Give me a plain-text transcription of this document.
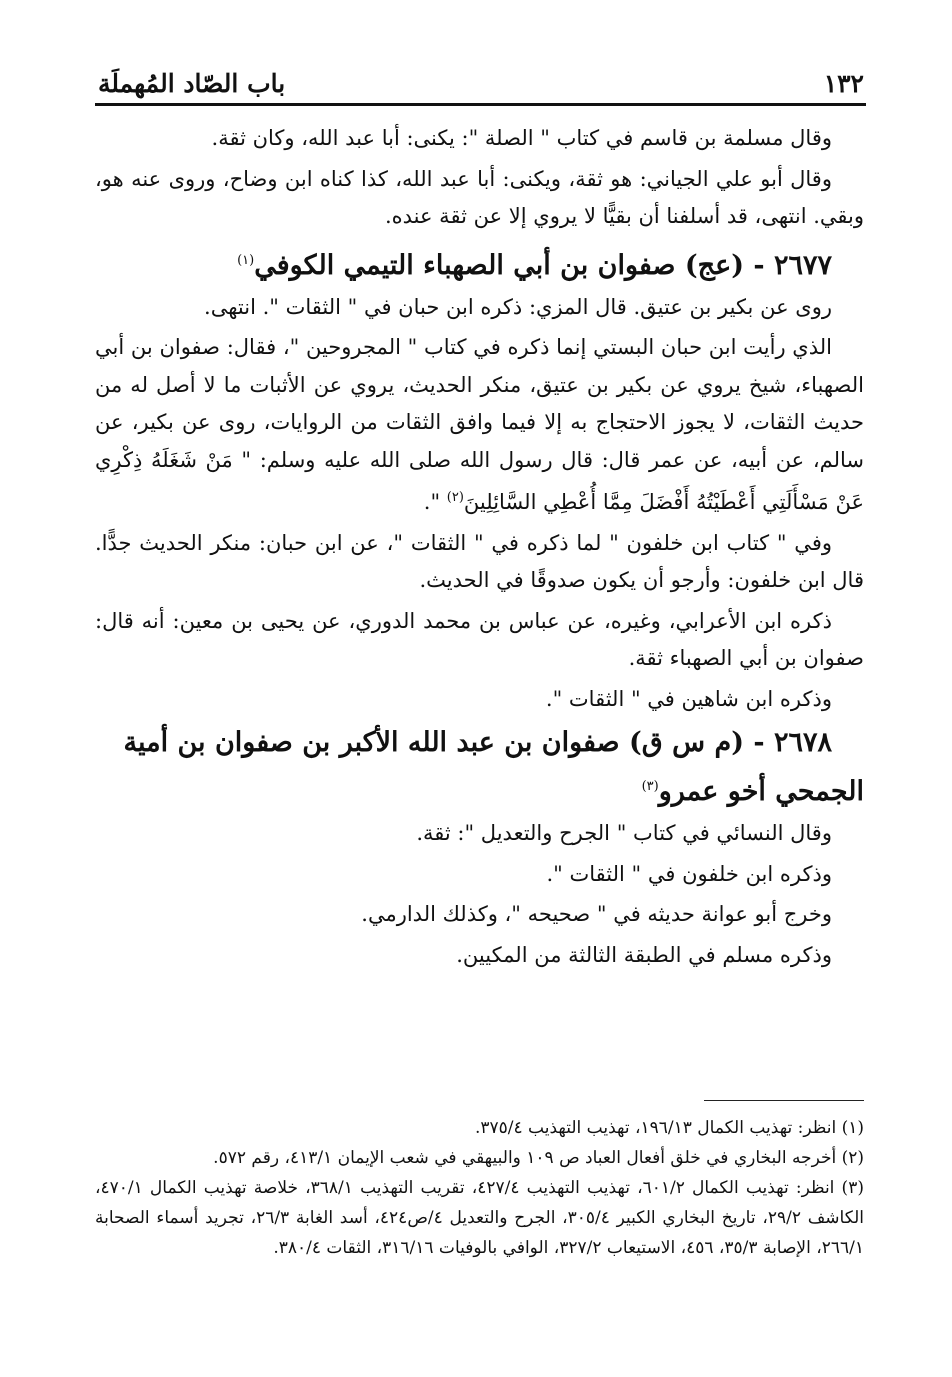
١٣٢
باب الصّاد المُهملَة

وقال مسلمة بن قاسم في كتاب " الصلة ": يكنى: أبا عبد الله، وكان ثقة.

وقال أبو علي الجياني: هو ثقة، ويكنى: أبا عبد الله، كذا كناه ابن وضاح، وروى عنه هو، وبقي. انتهى، قد أسلفنا أن بقيًّا لا يروي إلا عن ثقة عنده.

٢٦٧٧ - (عج) صفوان بن أبي الصهباء التيمي الكوفي$^{(١)}$

روى عن بكير بن عتيق. قال المزي: ذكره ابن حبان في " الثقات ". انتهى.

الذي رأيت ابن حبان البستي إنما ذكره في كتاب " المجروحين "، فقال: صفوان بن أبي الصهباء، شيخ يروي عن بكير بن عتيق، منكر الحديث، يروي عن الأثبات ما لا أصل له من حديث الثقات، لا يجوز الاحتجاج به إلا فيما وافق الثقات من الروايات، روى عن بكير، عن سالم، عن أبيه، عن عمر قال: قال رسول الله صلى الله عليه وسلم: " مَنْ شَغَلَهُ ذِكْرِي عَنْ مَسْأَلَتِي أَعْطَيْتُهُ أَفْضَلَ مِمَّا أُعْطِي السَّائِلِينَ$^{(٢)}$ ".

وفي " كتاب ابن خلفون " لما ذكره في " الثقات "، عن ابن حبان: منكر الحديث جدًّا. قال ابن خلفون: وأرجو أن يكون صدوقًا في الحديث.

ذكره ابن الأعرابي، وغيره، عن عباس بن محمد الدوري، عن يحيى بن معين: أنه قال: صفوان بن أبي الصهباء ثقة.

وذكره ابن شاهين في " الثقات ".

٢٦٧٨ - (م س ق) صفوان بن عبد الله الأكبر بن صفوان بن أمية
الجمحي أخو عمرو$^{(٣)}$

وقال النسائي في كتاب " الجرح والتعديل ": ثقة.

وذكره ابن خلفون في " الثقات ".

وخرج أبو عوانة حديثه في " صحيحه "، وكذلك الدارمي.

وذكره مسلم في الطبقة الثالثة من المكيين.

(١) انظر: تهذيب الكمال ١٩٦/١٣، تهذيب التهذيب ٣٧٥/٤.

(٢) أخرجه البخاري في خلق أفعال العباد ص ١٠٩ والبيهقي في شعب الإيمان ٤١٣/١، رقم ٥٧٢.

(٣) انظر: تهذيب الكمال ٦٠١/٢، تهذيب التهذيب ٤٢٧/٤، تقريب التهذيب ٣٦٨/١، خلاصة تهذيب الكمال ٤٧٠/١، الكاشف ٢٩/٢، تاريخ البخاري الكبير ٣٠٥/٤، الجرح والتعديل ٤/ص٤٢٤، أسد الغابة ٢٦/٣، تجريد أسماء الصحابة ٢٦٦/١، الإصابة ٣٥/٣، ٤٥٦، الاستيعاب ٣٢٧/٢، الوافي بالوفيات ٣١٦/١٦، الثقات ٣٨٠/٤.
